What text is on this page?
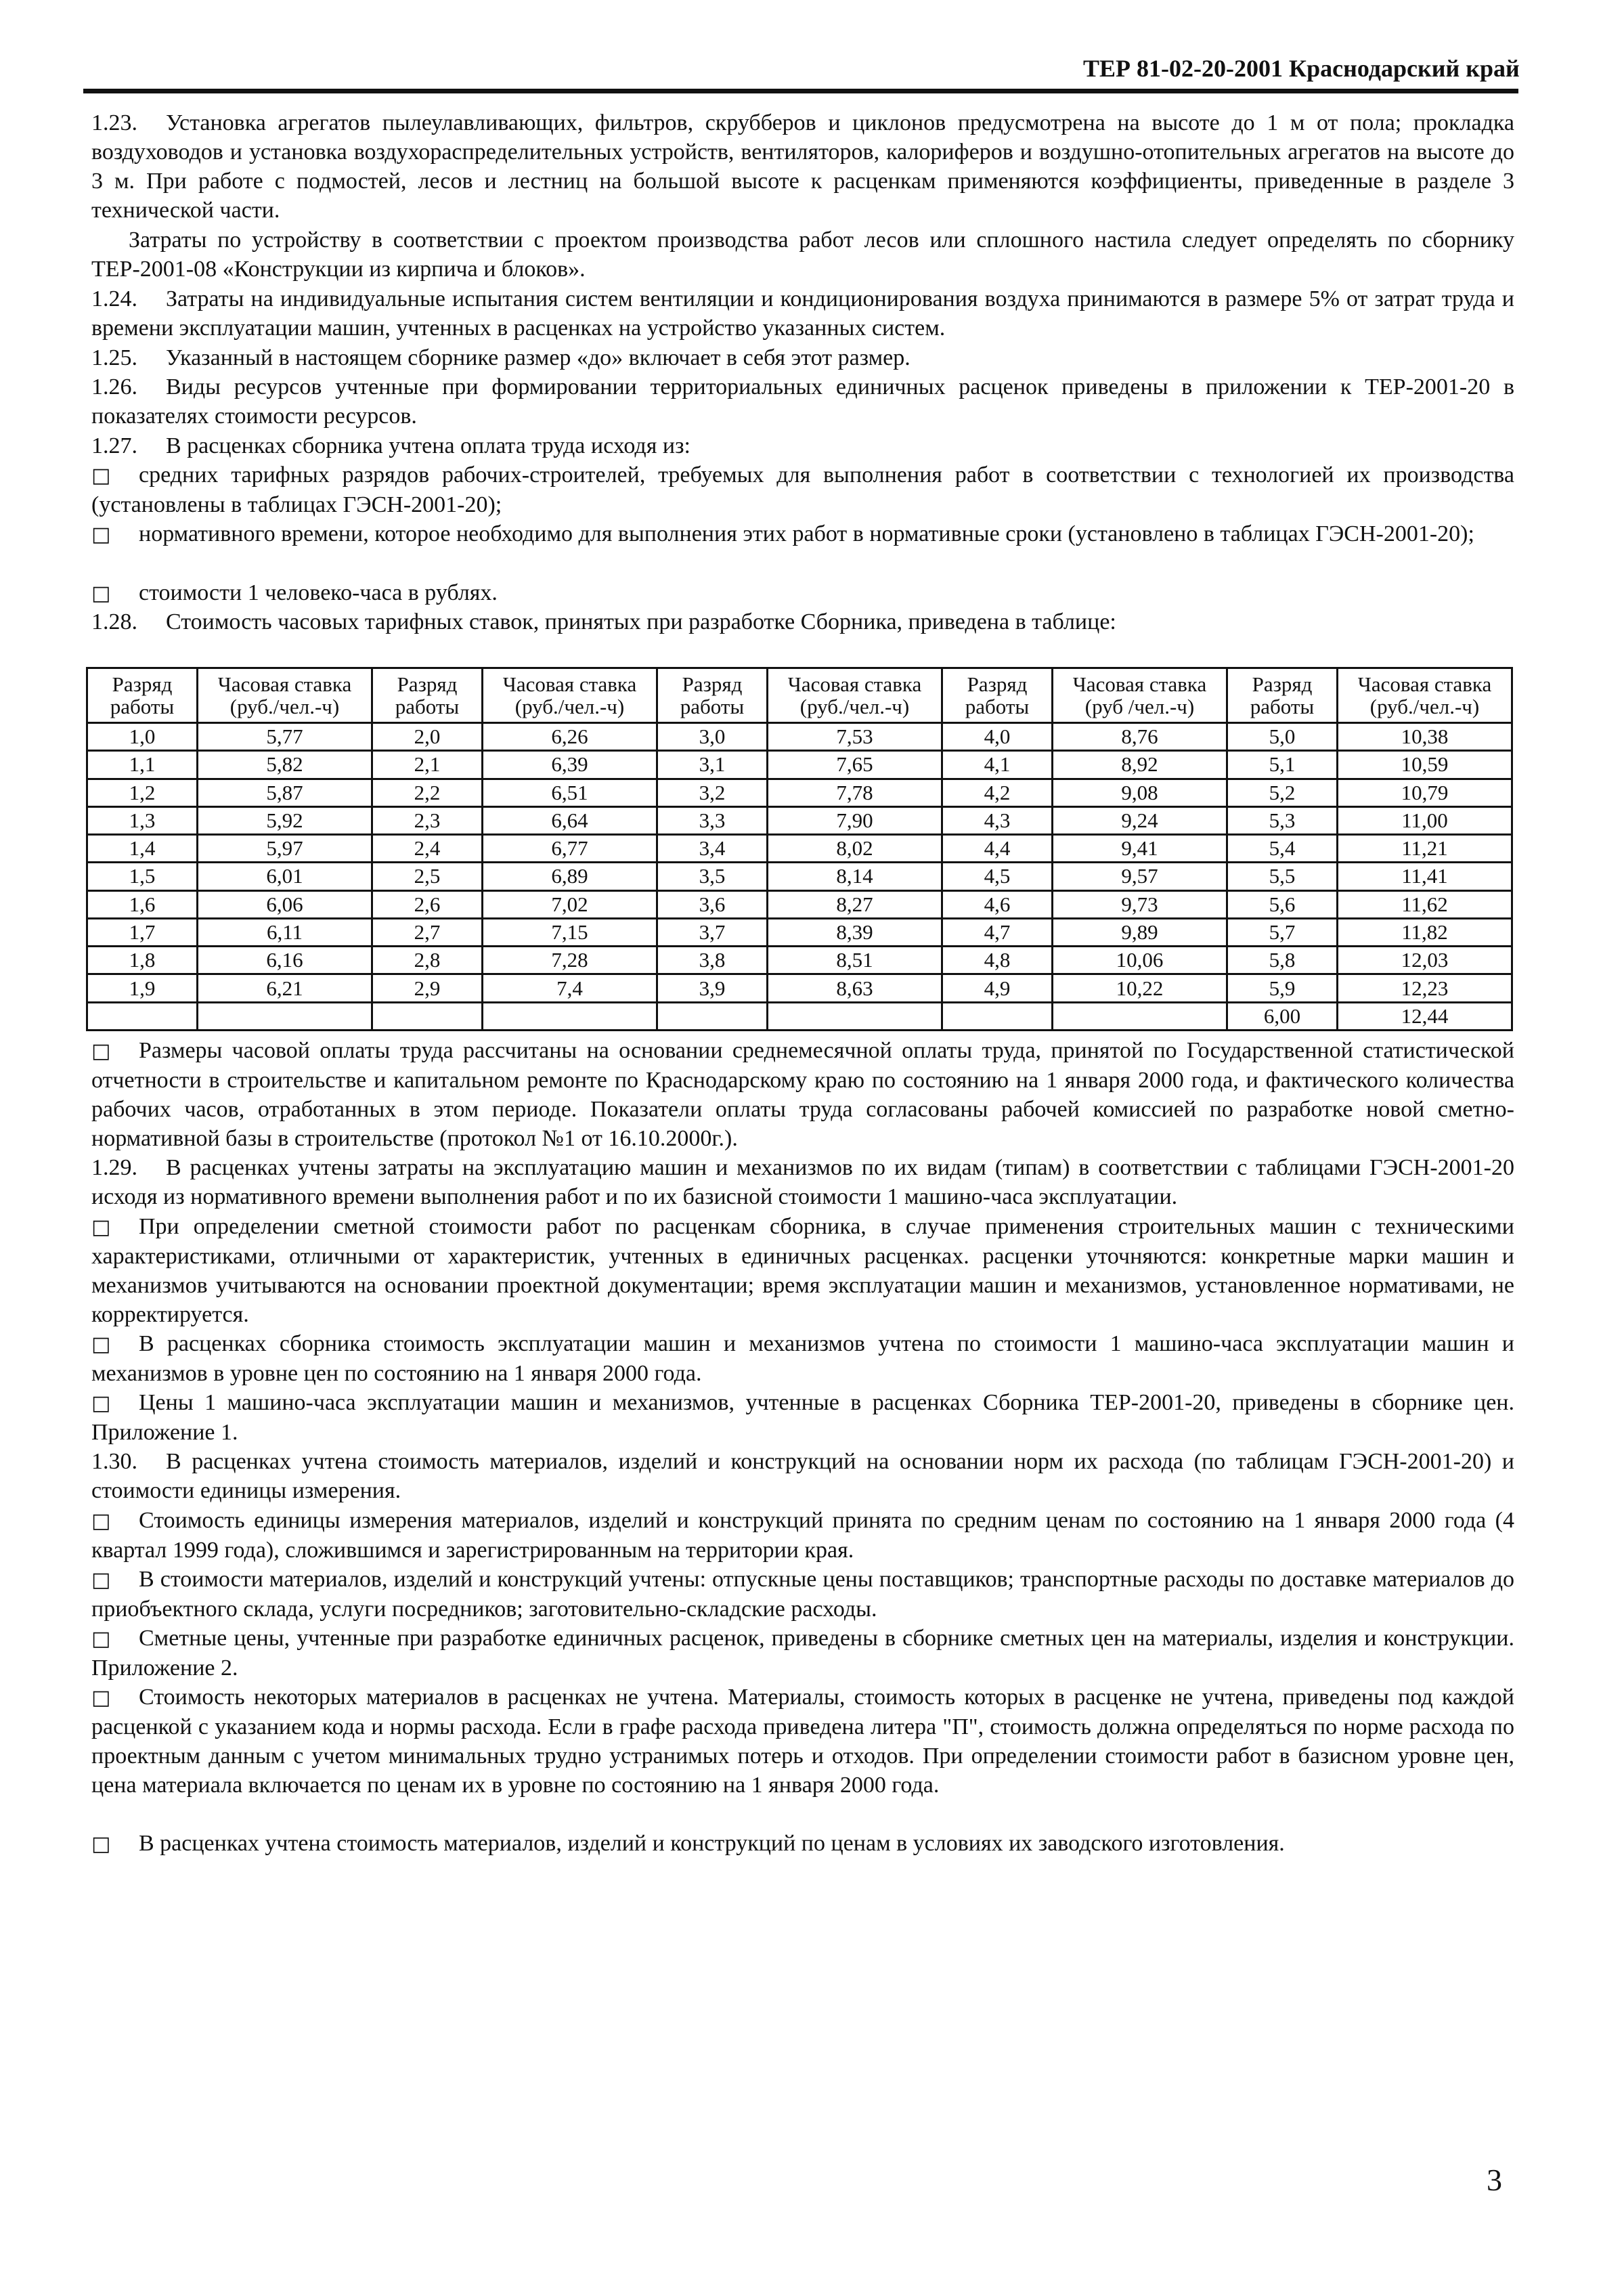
ТЕР 81-02-20-2001 Краснодарский край
1.23. Установка агрегатов пылеулавливающих, фильтров, скрубберов и циклонов предусмотрена на высоте до 1 м от пола; прокладка воздуховодов и установка воздухораспределительных устройств, вентиляторов, калориферов и воздушно-отопительных агрегатов на высоте до 3 м. При работе с подмостей, лесов и лестниц на большой высоте к расценкам применяются коэффициенты, приведенные в разделе 3 технической части.
Затраты по устройству в соответствии с проектом производства работ лесов или сплошного настила следует определять по сборнику ТЕР-2001-08 «Конструкции из кирпича и блоков».
1.24. Затраты на индивидуальные испытания систем вентиляции и кондиционирования воздуха принимаются в размере 5% от затрат труда и времени эксплуатации машин, учтенных в расценках на устройство указанных систем.
1.25. Указанный в настоящем сборнике размер «до» включает в себя этот размер.
1.26. Виды ресурсов учтенные при формировании территориальных единичных расценок приведены в приложении к ТЕР-2001-20 в показателях стоимости ресурсов.
1.27. В расценках сборника учтена оплата труда исходя из:
□ средних тарифных разрядов рабочих-строителей, требуемых для выполнения работ в соответствии с технологией их производства (установлены в таблицах ГЭСН-2001-20);
□ нормативного времени, которое необходимо для выполнения этих работ в нормативные сроки (установлено в таблицах ГЭСН-2001-20);
□ стоимости 1 человеко-часа в рублях.
1.28. Стоимость часовых тарифных ставок, принятых при разработке Сборника, приведена в таблице:
Разряд работы	Часовая ставка (руб./чел.-ч)	Разряд работы	Часовая ставка (руб./чел.-ч)	Разряд работы	Часовая ставка (руб./чел.-ч)	Разряд работы	Часовая ставка (руб /чел.-ч)	Разряд работы	Часовая ставка (руб./чел.-ч)
1,0	5,77	2,0	6,26	3,0	7,53	4,0	8,76	5,0	10,38
1,1	5,82	2,1	6,39	3,1	7,65	4,1	8,92	5,1	10,59
1,2	5,87	2,2	6,51	3,2	7,78	4,2	9,08	5,2	10,79
1,3	5,92	2,3	6,64	3,3	7,90	4,3	9,24	5,3	11,00
1,4	5,97	2,4	6,77	3,4	8,02	4,4	9,41	5,4	11,21
1,5	6,01	2,5	6,89	3,5	8,14	4,5	9,57	5,5	11,41
1,6	6,06	2,6	7,02	3,6	8,27	4,6	9,73	5,6	11,62
1,7	6,11	2,7	7,15	3,7	8,39	4,7	9,89	5,7	11,82
1,8	6,16	2,8	7,28	3,8	8,51	4,8	10,06	5,8	12,03
1,9	6,21	2,9	7,4	3,9	8,63	4,9	10,22	5,9	12,23
								6,00	12,44
□ Размеры часовой оплаты труда рассчитаны на основании среднемесячной оплаты труда, принятой по Государственной статистической отчетности в строительстве и капитальном ремонте по Краснодарскому краю по состоянию на 1 января 2000 года, и фактического количества рабочих часов, отработанных в этом периоде. Показатели оплаты труда согласованы рабочей комиссией по разработке новой сметно-нормативной базы в строительстве (протокол №1 от 16.10.2000г.).
1.29. В расценках учтены затраты на эксплуатацию машин и механизмов по их видам (типам) в соответствии с таблицами ГЭСН-2001-20 исходя из нормативного времени выполнения работ и по их базисной стоимости 1 машино-часа эксплуатации.
□ При определении сметной стоимости работ по расценкам сборника, в случае применения строительных машин с техническими характеристиками, отличными от характеристик, учтенных в единичных расценках. расценки уточняются: конкретные марки машин и механизмов учитываются на основании проектной документации; время эксплуатации машин и механизмов, установленное нормативами, не корректируется.
□ В расценках сборника стоимость эксплуатации машин и механизмов учтена по стоимости 1 машино-часа эксплуатации машин и механизмов в уровне цен по состоянию на 1 января 2000 года.
□ Цены 1 машино-часа эксплуатации машин и механизмов, учтенные в расценках Сборника ТЕР-2001-20, приведены в сборнике цен. Приложение 1.
1.30. В расценках учтена стоимость материалов, изделий и конструкций на основании норм их расхода (по таблицам ГЭСН-2001-20) и стоимости единицы измерения.
□ Стоимость единицы измерения материалов, изделий и конструкций принята по средним ценам по состоянию на 1 января 2000 года (4 квартал 1999 года), сложившимся и зарегистрированным на территории края.
□ В стоимости материалов, изделий и конструкций учтены: отпускные цены поставщиков; транспортные расходы по доставке материалов до приобъектного склада, услуги посредников; заготовительно-складские расходы.
□ Сметные цены, учтенные при разработке единичных расценок, приведены в сборнике сметных цен на материалы, изделия и конструкции. Приложение 2.
□ Стоимость некоторых материалов в расценках не учтена. Материалы, стоимость которых в расценке не учтена, приведены под каждой расценкой с указанием кода и нормы расхода. Если в графе расхода приведена литера "П", стоимость должна определяться по норме расхода по проектным данным с учетом минимальных трудно устранимых потерь и отходов. При определении стоимости работ в базисном уровне цен, цена материала включается по ценам их в уровне по состоянию на 1 января 2000 года.
□ В расценках учтена стоимость материалов, изделий и конструкций по ценам в условиях их заводского изготовления.
3
